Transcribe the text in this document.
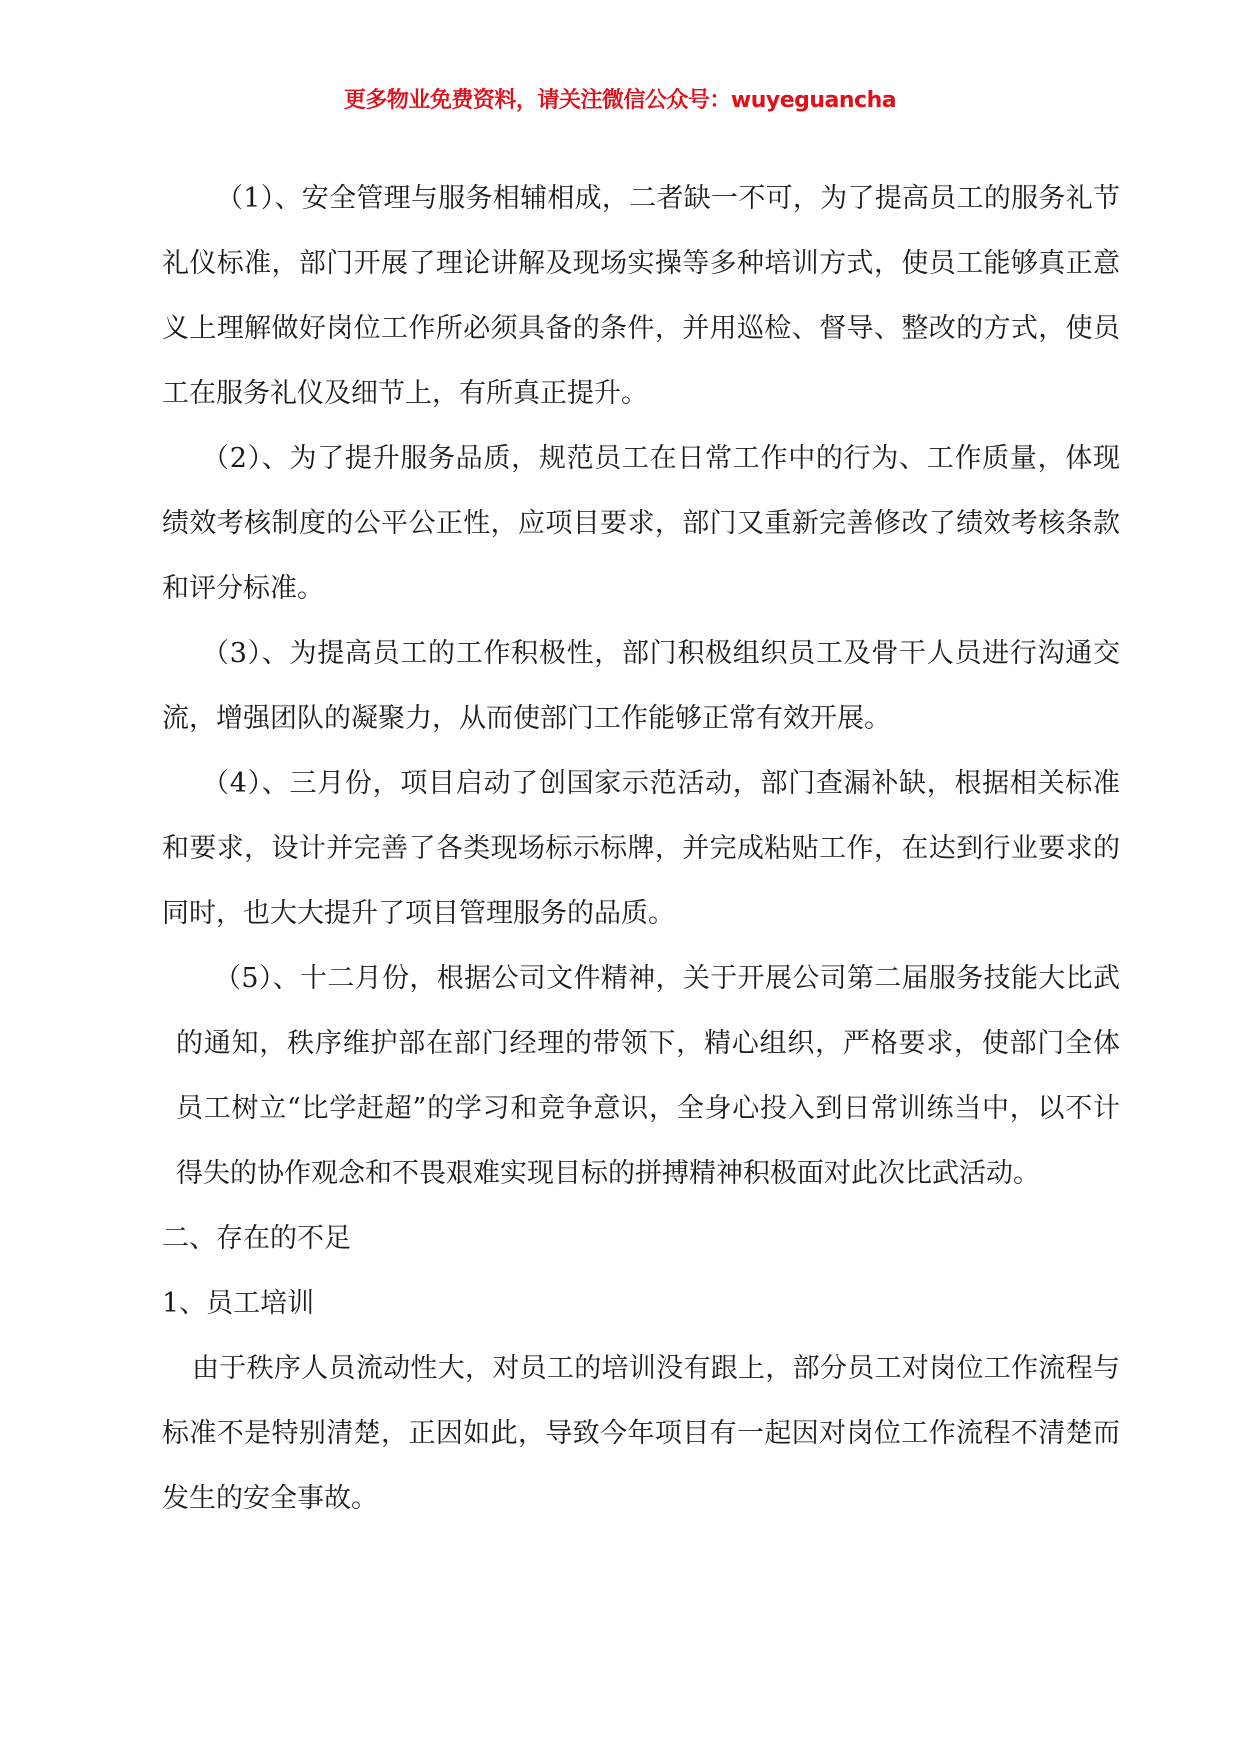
更多物业免费资料，请关注微信公众号：wuyeguancha

（1）、安全管理与服务相辅相成，二者缺一不可，为了提高员工的服务礼节礼仪标准，部门开展了理论讲解及现场实操等多种培训方式，使员工能够真正意义上理解做好岗位工作所必须具备的条件，并用巡检、督导、整改的方式，使员工在服务礼仪及细节上，有所真正提升。

（2）、为了提升服务品质，规范员工在日常工作中的行为、工作质量，体现绩效考核制度的公平公正性，应项目要求，部门又重新完善修改了绩效考核条款和评分标准。

（3）、为提高员工的工作积极性，部门积极组织员工及骨干人员进行沟通交流，增强团队的凝聚力，从而使部门工作能够正常有效开展。

（4）、三月份，项目启动了创国家示范活动，部门查漏补缺，根据相关标准和要求，设计并完善了各类现场标示标牌，并完成粘贴工作，在达到行业要求的同时，也大大提升了项目管理服务的品质。

（5）、十二月份，根据公司文件精神，关于开展公司第二届服务技能大比武的通知，秩序维护部在部门经理的带领下，精心组织，严格要求，使部门全体员工树立“比学赶超”的学习和竞争意识，全身心投入到日常训练当中，以不计得失的协作观念和不畏艰难实现目标的拼搏精神积极面对此次比武活动。

二、存在的不足

1、员工培训

由于秩序人员流动性大，对员工的培训没有跟上，部分员工对岗位工作流程与标准不是特别清楚，正因如此，导致今年项目有一起因对岗位工作流程不清楚而发生的安全事故。
